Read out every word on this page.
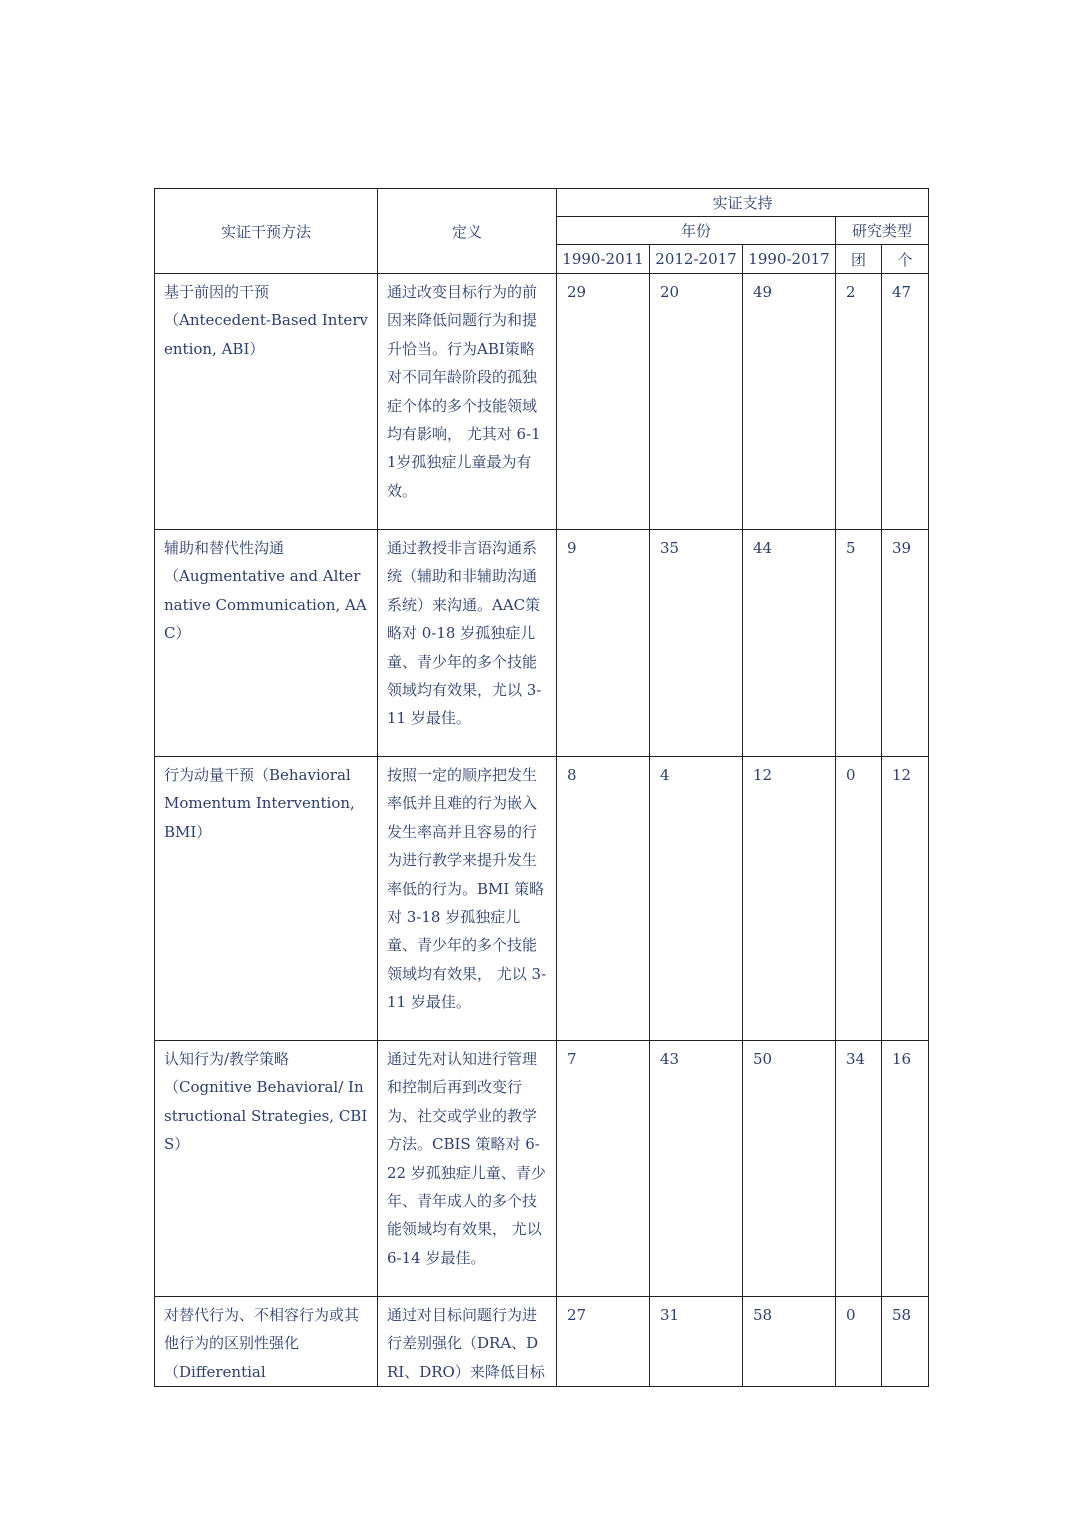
实证干预方法	定义	实证支持				
		年份			研究类型	
		1990-2011	2012-2017	1990-2017	团	个

基于前因的干预
（Antecedent-Based Intervention, ABI）	通过改变目标行为的前因来降低问题行为和提升恰当。行为ABI策略对不同年龄阶段的孤独症个体的多个技能领域均有影响， 尤其对 6-11岁孤独症儿童最为有效。	29	20	49	2	47

辅助和替代性沟通
（Augmentative and Alternative Communication, AAC）	通过教授非言语沟通系统（辅助和非辅助沟通系统）来沟通。AAC策略对 0-18 岁孤独症儿童、青少年的多个技能领域均有效果，尤以 3-11 岁最佳。	9	35	44	5	39

行为动量干预（Behavioral Momentum Intervention, BMI）	按照一定的顺序把发生率低并且难的行为嵌入发生率高并且容易的行为进行教学来提升发生率低的行为。BMI 策略对 3-18 岁孤独症儿童、青少年的多个技能领域均有效果， 尤以 3-11 岁最佳。	8	4	12	0	12

认知行为/教学策略
（Cognitive Behavioral/ Instructional Strategies, CBIS）	通过先对认知进行管理和控制后再到改变行为、社交或学业的教学方法。CBIS 策略对 6-22 岁孤独症儿童、青少年、青年成人的多个技能领域均有效果， 尤以 6-14 岁最佳。	7	43	50	34	16

对替代行为、不相容行为或其他行为的区别性强化
（Differential	通过对目标问题行为进行差别强化（DRA、DRI、DRO）来降低目标	27	31	58	0	58
